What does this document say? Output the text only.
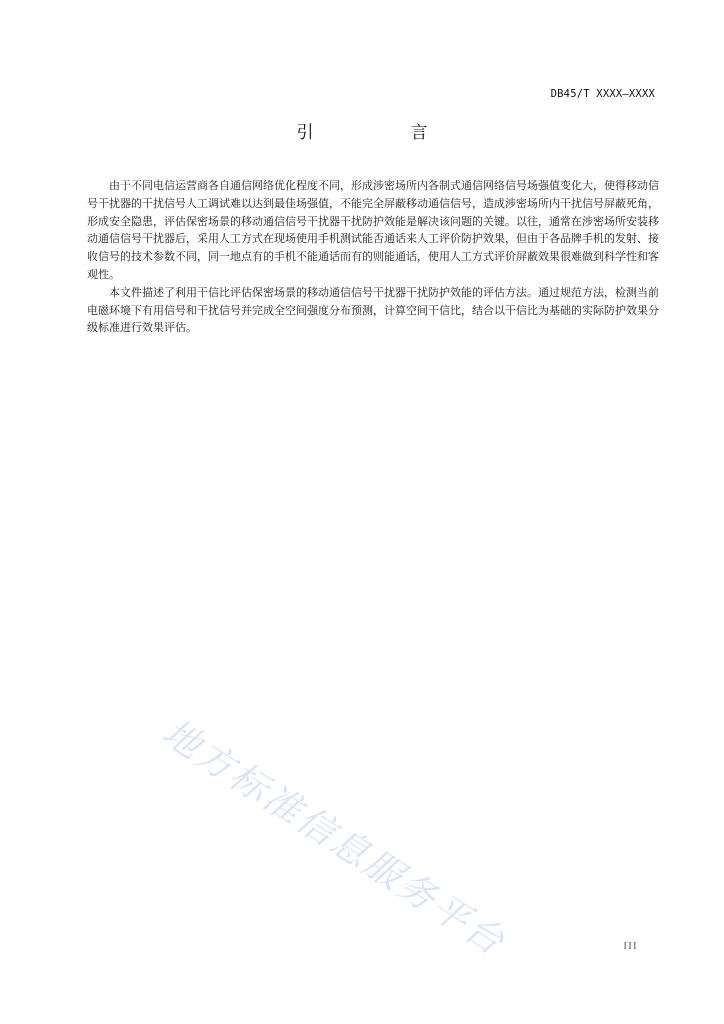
DB45/T XXXX—XXXX
引　言

由于不同电信运营商各自通信网络优化程度不同，形成涉密场所内各制式通信网络信号场强值变化大，使得移动信号干扰器的干扰信号人工调试难以达到最佳场强值，不能完全屏蔽移动通信信号，造成涉密场所内干扰信号屏蔽死角，形成安全隐患，评估保密场景的移动通信信号干扰器干扰防护效能是解决该问题的关键。以往，通常在涉密场所安装移动通信信号干扰器后，采用人工方式在现场使用手机测试能否通话来人工评价防护效果，但由于各品牌手机的发射、接收信号的技术参数不同，同一地点有的手机不能通话而有的则能通话，使用人工方式评价屏蔽效果很难做到科学性和客观性。

本文件描述了利用干信比评估保密场景的移动通信信号干扰器干扰防护效能的评估方法。通过规范方法，检测当前电磁环境下有用信号和干扰信号并完成全空间强度分布预测，计算空间干信比，结合以干信比为基础的实际防护效果分级标准进行效果评估。

地方标准信息服务平台	III
